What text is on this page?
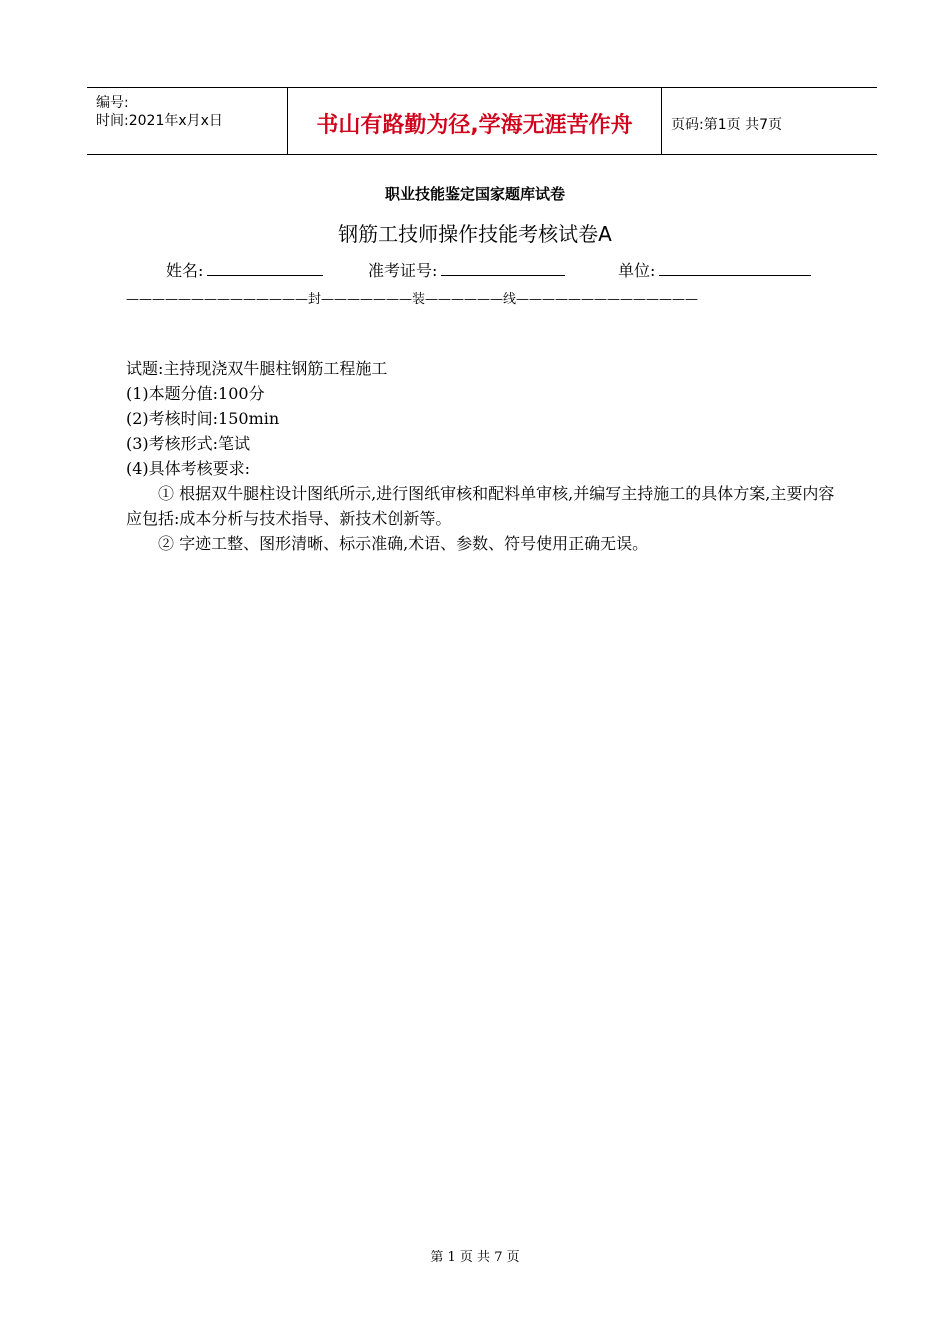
编号:
时间:2021年x月x日	书山有路勤为径,学海无涯苦作舟	页码:第1页 共7页
职业技能鉴定国家题库试卷
钢筋工技师操作技能考核试卷A
姓名:	准考证号:	单位:
——————————————封———————装——————线——————————————

试题:主持现浇双牛腿柱钢筋工程施工

(1)本题分值:100分

(2)考核时间:150min

(3)考核形式:笔试

(4)具体考核要求:

① 根据双牛腿柱设计图纸所示,进行图纸审核和配料单审核,并编写主持施工的具体方案,主要内容应包括:成本分析与技术指导、新技术创新等。

② 字迹工整、图形清晰、标示准确,术语、参数、符号使用正确无误。

第 1 页 共 7 页
